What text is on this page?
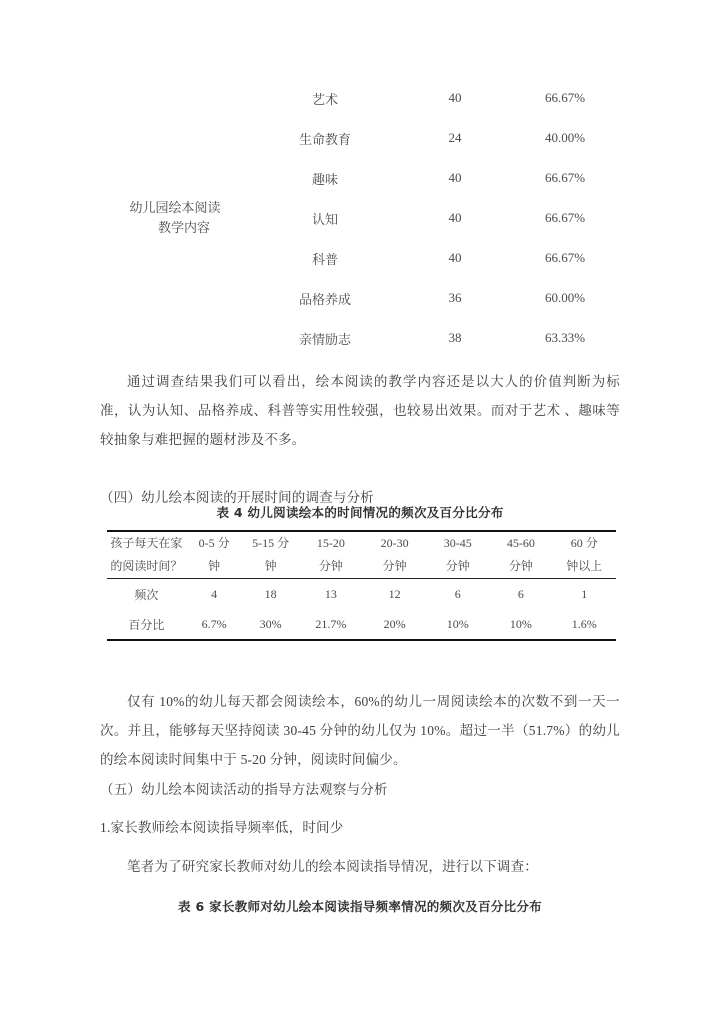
幼儿园绘本阅读
教学内容	艺术	40	66.67%
	生命教育	24	40.00%
	趣味	40	66.67%
	认知	40	66.67%
	科普	40	66.67%
	品格养成	36	60.00%
	亲情励志	38	63.33%
通过调查结果我们可以看出，绘本阅读的教学内容还是以大人的价值判断为标准，认为认知、品格养成、科普等实用性较强，也较易出效果。而对于艺术 、趣味等较抽象与难把握的题材涉及不多。
（四）幼儿绘本阅读的开展时间的调查与分析
表 4 幼儿阅读绘本的时间情况的频次及百分比分布
孩子每天在家	0-5 分	5-15 分	15-20	20-30	30-45	45-60	60 分

的阅读时间？	钟	钟	分钟	分钟	分钟	分钟	钟以上

频次	4	18	13	12	6	6	1
百分比	6.7%	30%	21.7%	20%	10%	10%	1.6%
仅有 10%的幼儿每天都会阅读绘本，60%的幼儿一周阅读绘本的次数不到一天一次。并且，能够每天坚持阅读 30-45 分钟的幼儿仅为 10%。超过一半（51.7%）的幼儿的绘本阅读时间集中于 5-20 分钟，阅读时间偏少。
（五）幼儿绘本阅读活动的指导方法观察与分析
1.家长教师绘本阅读指导频率低，时间少
笔者为了研究家长教师对幼儿的绘本阅读指导情况，进行以下调查：
表 6 家长教师对幼儿绘本阅读指导频率情况的频次及百分比分布
